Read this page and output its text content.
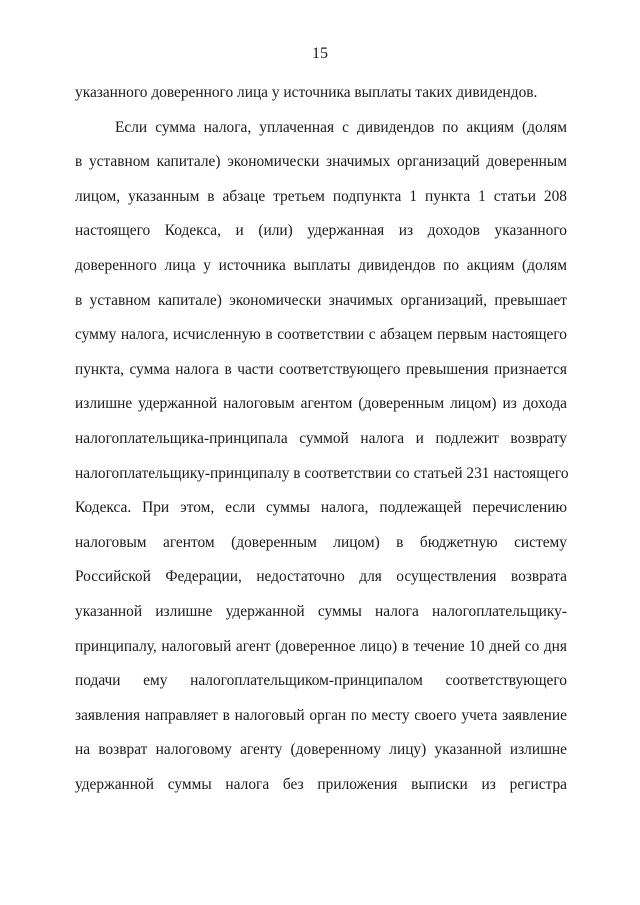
15
указанного доверенного лица у источника выплаты таких дивидендов.
Если сумма налога, уплаченная с дивидендов по акциям (долям
в уставном капитале) экономически значимых организаций доверенным
лицом, указанным в абзаце третьем подпункта 1 пункта 1 статьи 208
настоящего Кодекса, и (или) удержанная из доходов указанного
доверенного лица у источника выплаты дивидендов по акциям (долям
в уставном капитале) экономически значимых организаций, превышает
сумму налога, исчисленную в соответствии с абзацем первым настоящего
пункта, сумма налога в части соответствующего превышения признается
излишне удержанной налоговым агентом (доверенным лицом) из дохода
налогоплательщика-принципала суммой налога и подлежит возврату
налогоплательщику-принципалу в соответствии со статьей 231 настоящего
Кодекса. При этом, если суммы налога, подлежащей перечислению
налоговым агентом (доверенным лицом) в бюджетную систему
Российской Федерации, недостаточно для осуществления возврата
указанной излишне удержанной суммы налога налогоплательщику-
принципалу, налоговый агент (доверенное лицо) в течение 10 дней со дня
подачи ему налогоплательщиком-принципалом соответствующего
заявления направляет в налоговый орган по месту своего учета заявление
на возврат налоговому агенту (доверенному лицу) указанной излишне
удержанной суммы налога без приложения выписки из регистра
